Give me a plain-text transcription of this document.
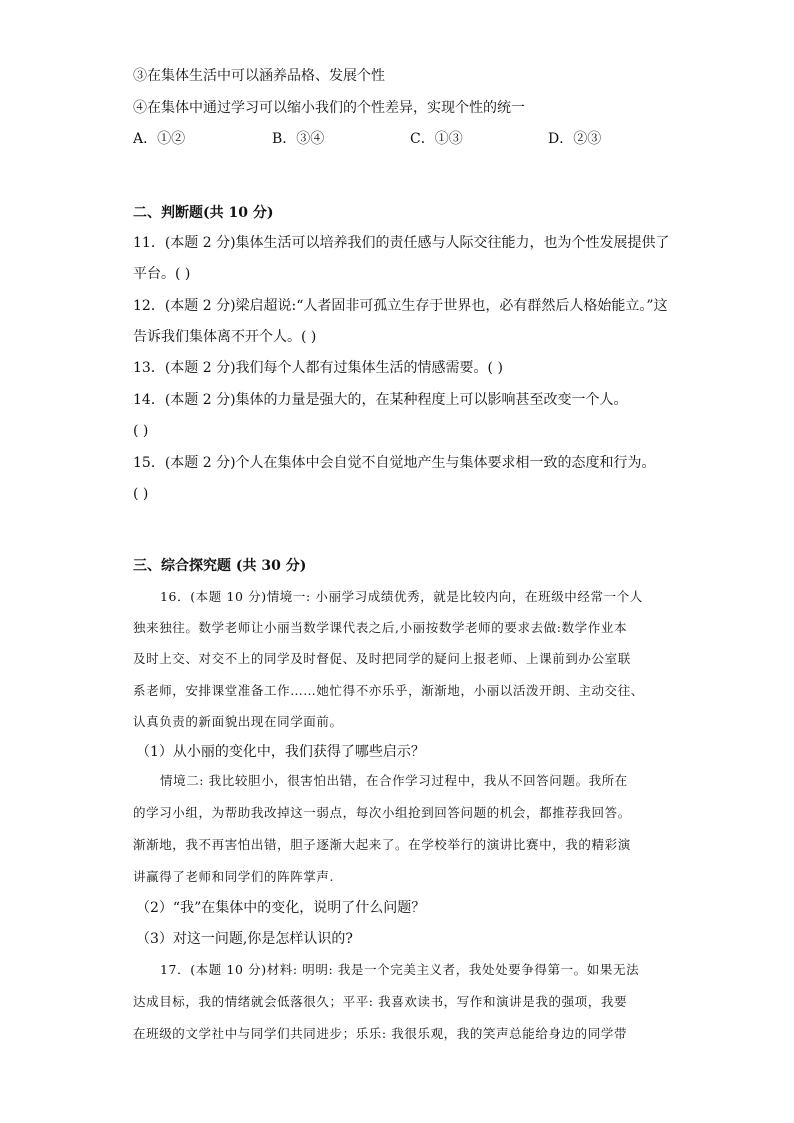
③在集体生活中可以涵养品格、发展个性
④在集体中通过学习可以缩小我们的个性差异，实现个性的统一
A．①②	B．③④	C．①③	D．②③
二、判断题(共 10 分)
11．(本题 2 分)集体生活可以培养我们的责任感与人际交往能力，也为个性发展提供了
平台。( )
12．(本题 2 分)梁启超说:“人者固非可孤立生存于世界也，必有群然后人格始能立。”这
告诉我们集体离不开个人。( )
13．(本题 2 分)我们每个人都有过集体生活的情感需要。( )
14．(本题 2 分)集体的力量是强大的，在某种程度上可以影响甚至改变一个人。
( )
15．(本题 2 分)个人在集体中会自觉不自觉地产生与集体要求相一致的态度和行为。
( )
三、综合探究题 (共 30 分)
16．(本题 10 分)情境一: 小丽学习成绩优秀，就是比较内向，在班级中经常一个人
独来独往。数学老师让小丽当数学课代表之后,小丽按数学老师的要求去做:数学作业本
及时上交、对交不上的同学及时督促、及时把同学的疑问上报老师、上课前到办公室联
系老师，安排课堂准备工作……她忙得不亦乐乎，渐渐地，小丽以活泼开朗、主动交往、
认真负责的新面貌出现在同学面前。
（1）从小丽的变化中，我们获得了哪些启示？
情境二: 我比较胆小，很害怕出错，在合作学习过程中，我从不回答问题。我所在
的学习小组，为帮助我改掉这一弱点，每次小组抢到回答问题的机会，都推荐我回答。
渐渐地，我不再害怕出错，胆子逐渐大起来了。在学校举行的演讲比赛中，我的精彩演
讲赢得了老师和同学们的阵阵掌声.
（2）“我”在集体中的变化，说明了什么问题？
（3）对这一问题,你是怎样认识的?
17．(本题 10 分)材料: 明明: 我是一个完美主义者，我处处要争得第一。如果无法
达成目标，我的情绪就会低落很久；平平: 我喜欢读书，写作和演讲是我的强项，我要
在班级的文学社中与同学们共同进步；乐乐: 我很乐观，我的笑声总能给身边的同学带
